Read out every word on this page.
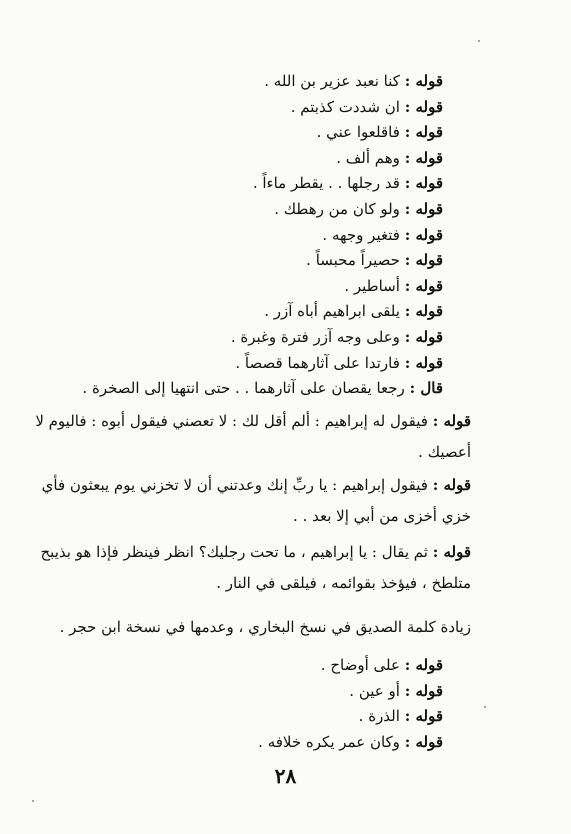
قوله : كنا نعبد عزير بن الله .
قوله : ان شددت كذبتم .
قوله : فاقلعوا عني .
قوله : وهم ألف .
قوله : قد رجلها . . يقطر ماءاً .
قوله : ولو كان من رهطك .
قوله : فتغير وجهه .
قوله : حصيراً محبساً .
قوله : أساطير .
قوله : يلقى ابراهيم أباه آزر .
قوله : وعلى وجه آزر فترة وغبرة .
قوله : فارتدا على آثارهما قصصاً .
قال : رجعا يقصان على آثارهما . . حتى انتهيا إلى الصخرة .
قوله : فيقول له إبراهيم : ألم أقل لك : لا تعصني فيقول أبوه : فاليوم لا
أعصيك .
قوله : فيقول إبراهيم : يا ربِّ إنك وعدتني أن لا تخزني يوم يبعثون فأي
خزي أخزى من أبي إلا بعد . .
قوله : ثم يقال : يا إبراهيم ، ما تحت رجليك؟ انظر فينظر فإذا هو بذيبح
متلطخ ، فيؤخذ بقوائمه ، فيلقى في النار .
زيادة كلمة الصديق في نسخ البخاري ، وعدمها في نسخة ابن حجر .
قوله : على أوضاح .
قوله : أو عين .
قوله : الذرة .
قوله : وكان عمر يكره خلافه .
٢٨
